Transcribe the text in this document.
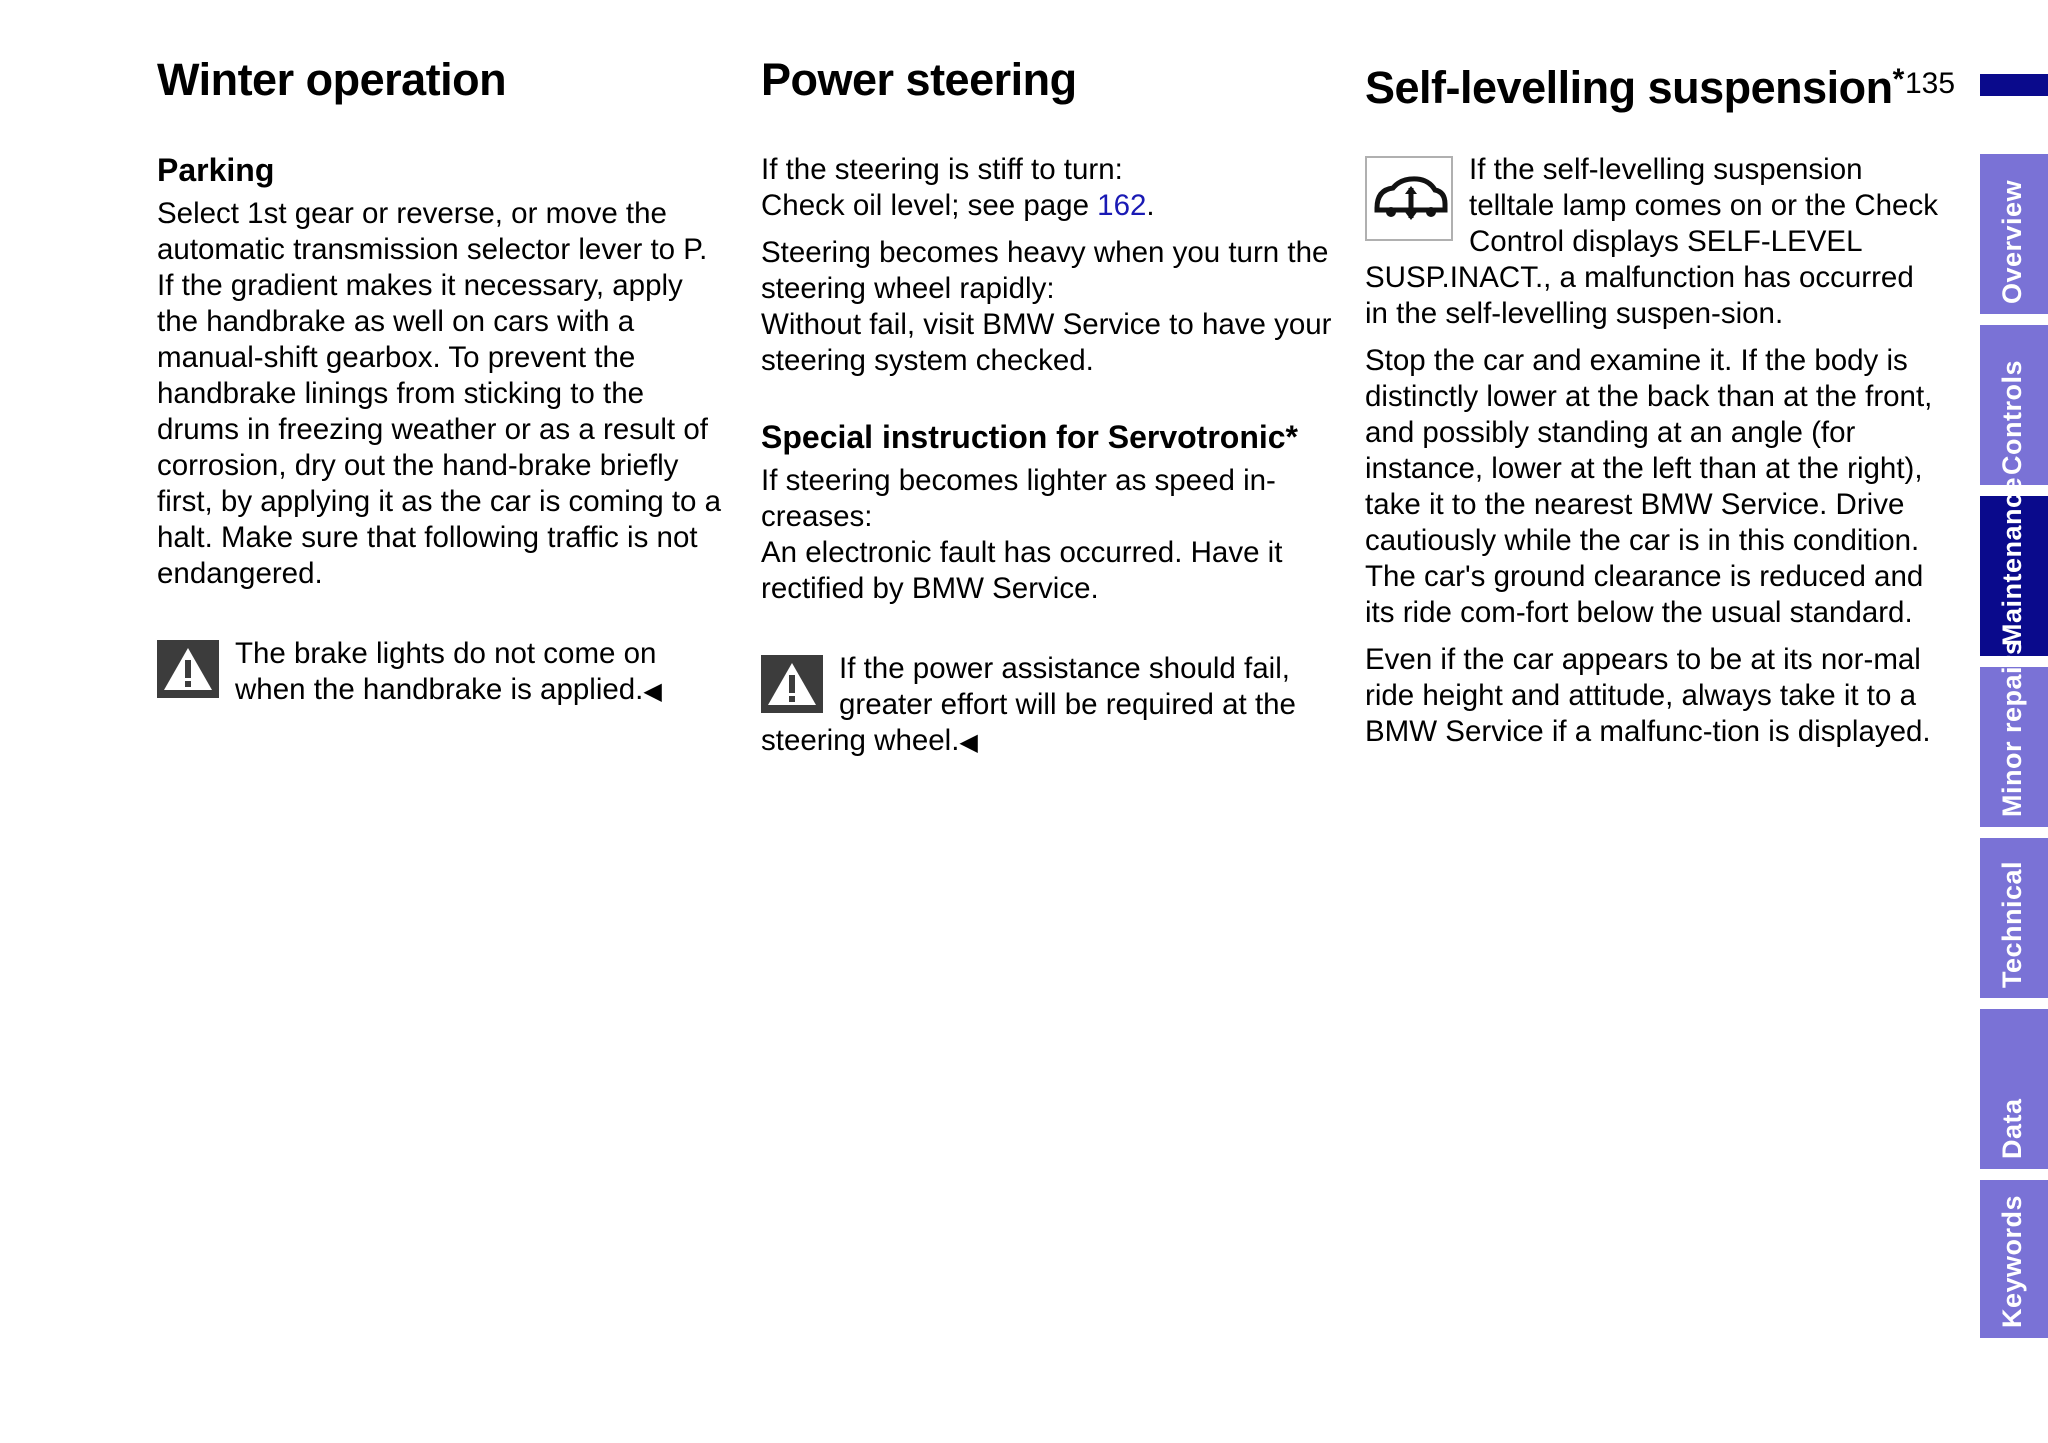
Winter operation
Parking

Select 1st gear or reverse, or move the automatic transmission selector lever to P. If the gradient makes it necessary, apply the handbrake as well on cars with a manual-shift gearbox. To prevent the handbrake linings from sticking to the drums in freezing weather or as a result of corrosion, dry out the hand-brake briefly first, by applying it as the car is coming to a halt. Make sure that following traffic is not endangered.

The brake lights do not come on when the handbrake is applied.◀

Power steering

If the steering is stiff to turn:
Check oil level; see page 162.

Steering becomes heavy when you turn the steering wheel rapidly:
Without fail, visit BMW Service to have your steering system checked.

Special instruction for Servotronic*

If steering becomes lighter as speed in-creases:
An electronic fault has occurred. Have it rectified by BMW Service.

If the power assistance should fail, greater effort will be required at the steering wheel.◀

Self-levelling suspension*

If the self-levelling suspension telltale lamp comes on or the Check Control displays SELF-LEVEL SUSP.INACT., a malfunction has occurred in the self-levelling suspen-sion.

Stop the car and examine it. If the body is distinctly lower at the back than at the front, and possibly standing at an angle (for instance, lower at the left than at the right), take it to the nearest BMW Service. Drive cautiously while the car is in this condition. The car's ground clearance is reduced and its ride com-fort below the usual standard.

Even if the car appears to be at its nor-mal ride height and attitude, always take it to a BMW Service if a malfunc-tion is displayed.

135
Overview
Controls
Maintenance
Minor repairs
Technical
Data
Keywords
